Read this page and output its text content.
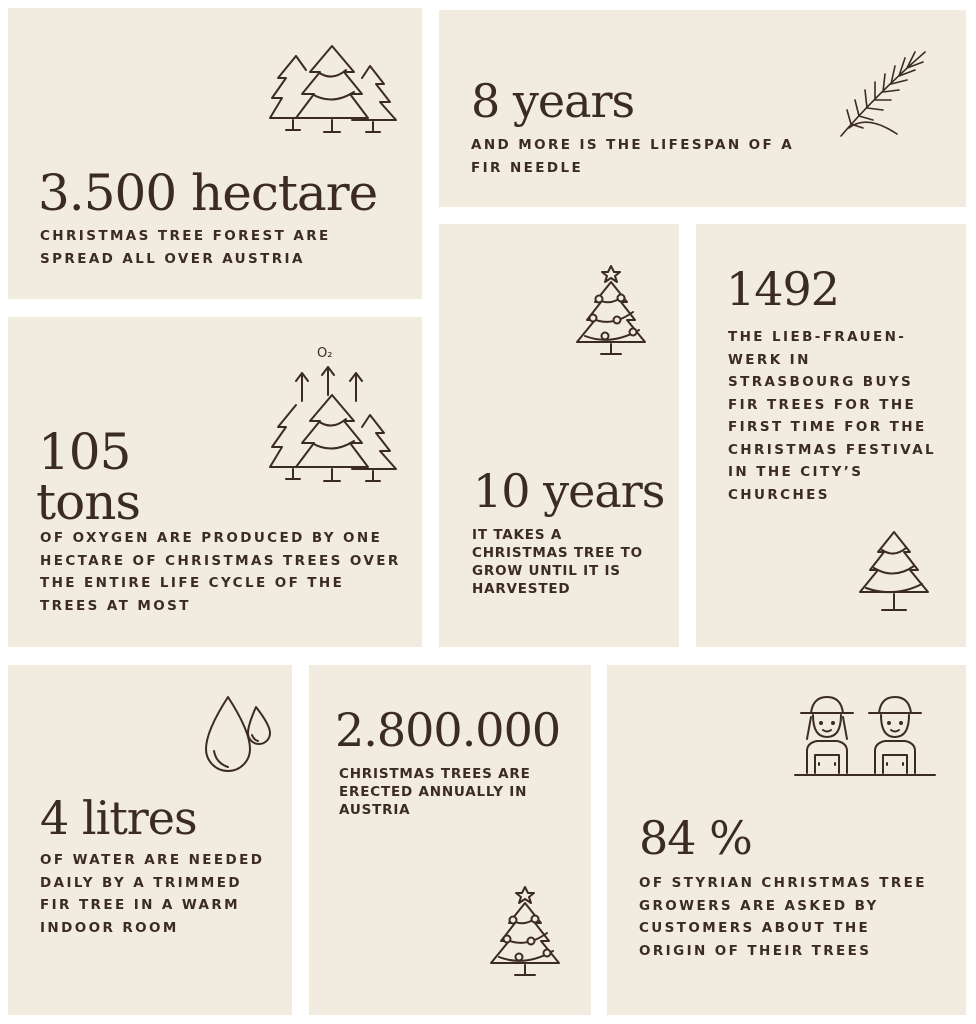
3.500 hectare

CHRISTMAS TREE FOREST ARE SPREAD ALL OVER AUSTRIA

8 years

AND MORE IS THE LIFESPAN OF A FIR NEEDLE

O₂
105
tons

OF OXYGEN ARE PRODUCED BY ONE HECTARE OF CHRISTMAS TREES OVER THE ENTIRE LIFE CYCLE OF THE TREES AT MOST

10 years

IT TAKES A CHRISTMAS TREE TO GROW UNTIL IT IS HARVESTED

1492

THE LIEB-FRAUEN-WERK IN STRASBOURG BUYS FIR TREES FOR THE FIRST TIME FOR THE CHRISTMAS FESTIVAL IN THE CITY’S CHURCHES

4 litres

OF WATER ARE NEEDED DAILY BY A TRIMMED FIR TREE IN A WARM INDOOR ROOM

2.800.000

CHRISTMAS TREES ARE ERECTED ANNUALLY IN AUSTRIA

84 %

OF STYRIAN CHRISTMAS TREE GROWERS ARE ASKED BY CUSTOMERS ABOUT THE ORIGIN OF THEIR TREES
